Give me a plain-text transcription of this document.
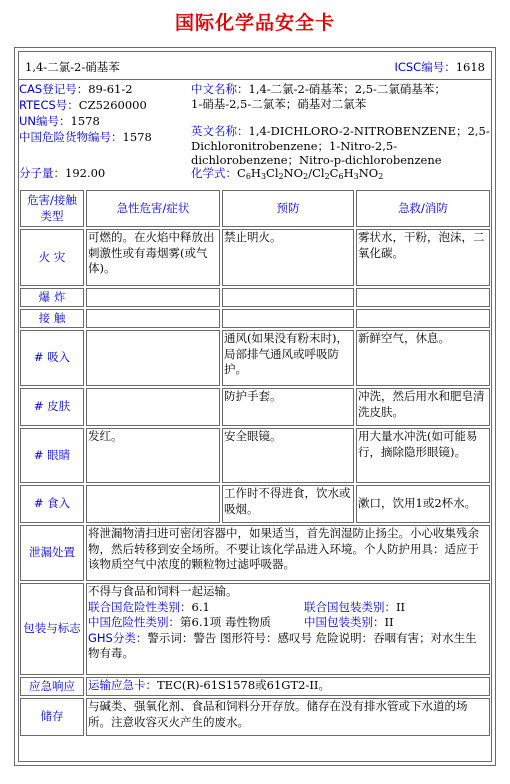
国际化学品安全卡
1,4-二氯-2-硝基苯	ICSC编号：1618
CAS登记号：89-61-2
RTECS号：CZ5260000
UN编号：1578
中国危险货物编号：1578
分子量：192.00
中文名称：1,4-二氯-2-硝基苯；2,5-二氯硝基苯；
1-硝基-2,5-二氯苯；硝基对二氯苯
英文名称：1,4-DICHLORO-2-NITROBENZENE；2,5-
Dichloronitrobenzene；1-Nitro-2,5-
dichlorobenzene；Nitro-p-dichlorobenzene
化学式：$C_6H_3Cl_2NO_2/Cl_2C_6H_3NO_2$
危害/接触类型	急性危害/症状	预防	急救/消防
火 灾	可燃的。在火焰中释放出刺激性或有毒烟雾(或气体)。	禁止明火。	雾状水，干粉，泡沫，二氧化碳。
爆 炸			
接 触			
# 吸入		通风(如果没有粉末时)，局部排气通风或呼吸防护。	新鲜空气，休息。
# 皮肤		防护手套。	冲洗，然后用水和肥皂清洗皮肤。
# 眼睛	发红。	安全眼镜。	用大量水冲洗(如可能易行，摘除隐形眼镜)。
# 食入		工作时不得进食，饮水或吸烟。	漱口，饮用1或2杯水。
泄漏处置	将泄漏物清扫进可密闭容器中，如果适当，首先润湿防止扬尘。小心收集残余物，然后转移到安全场所。不要让该化学品进入环境。个人防护用具：适应于该物质空气中浓度的颗粒物过滤呼吸器。		
包装与标志	不得与食品和饲料一起运输。
联合国危险性类别：6.1 联合国包装类别：II
中国危险性类别：第6.1项 毒性物质 中国包装类别：II
GHS分类：警示词：警告 图形符号：感叹号 危险说明：吞咽有害；对水生生物有毒。		

应急响应	运输应急卡：TEC(R)-61S1578或61GT2-II。		
储存	与碱类、强氧化剂、食品和饲料分开存放。储存在没有排水管或下水道的场所。注意收容灭火产生的废水。		
